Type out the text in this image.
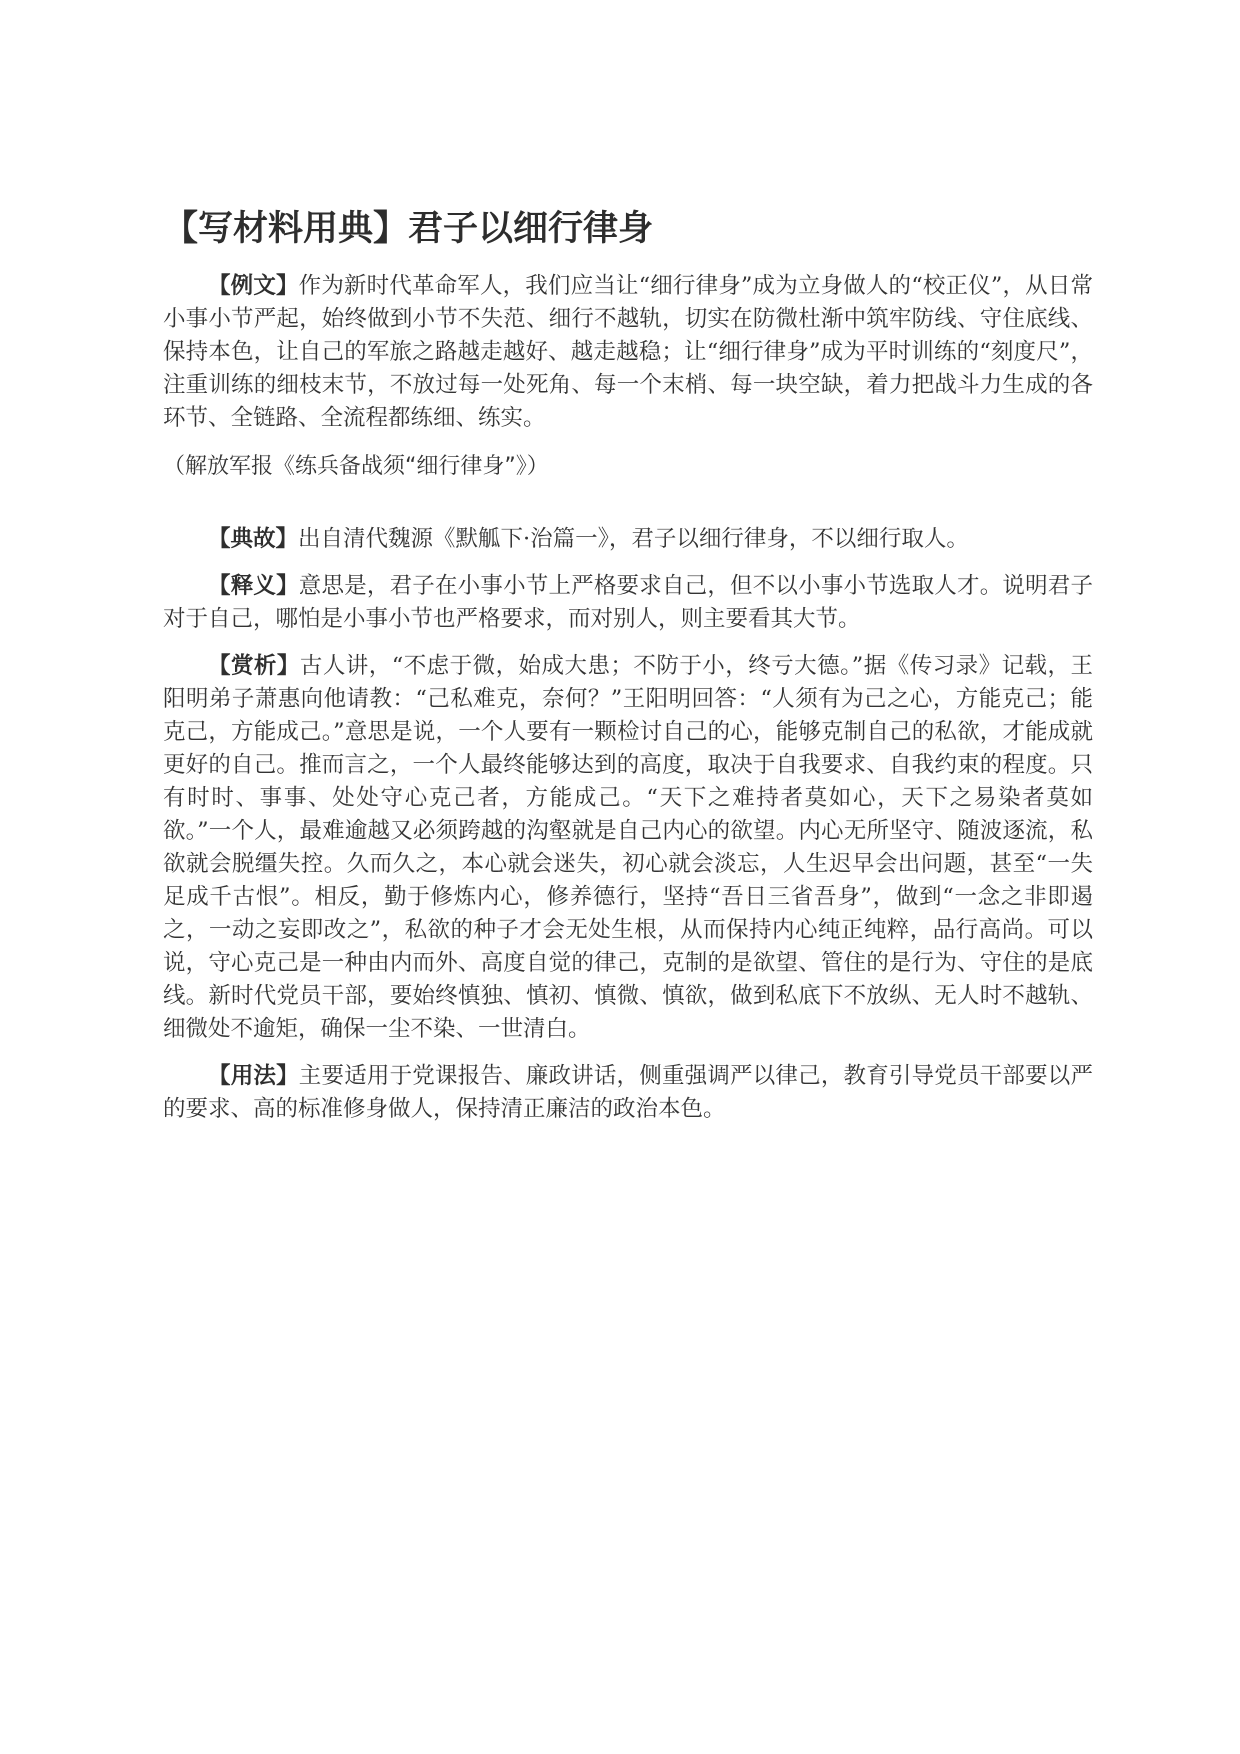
【写材料用典】君子以细行律身

【例文】作为新时代革命军人，我们应当让“细行律身”成为立身做人的“校正仪”，从日常小事小节严起，始终做到小节不失范、细行不越轨，切实在防微杜渐中筑牢防线、守住底线、保持本色，让自己的军旅之路越走越好、越走越稳；让“细行律身”成为平时训练的“刻度尺”，注重训练的细枝末节，不放过每一处死角、每一个末梢、每一块空缺，着力把战斗力生成的各环节、全链路、全流程都练细、练实。

（解放军报《练兵备战须“细行律身”》）

【典故】出自清代魏源《默觚下·治篇一》，君子以细行律身，不以细行取人。

【释义】意思是，君子在小事小节上严格要求自己，但不以小事小节选取人才。说明君子对于自己，哪怕是小事小节也严格要求，而对别人，则主要看其大节。

【赏析】古人讲，“不虑于微，始成大患；不防于小，终亏大德。”据《传习录》记载，王阳明弟子萧惠向他请教：“己私难克，奈何？”王阳明回答：“人须有为己之心，方能克己；能克己，方能成己。”意思是说，一个人要有一颗检讨自己的心，能够克制自己的私欲，才能成就更好的自己。推而言之，一个人最终能够达到的高度，取决于自我要求、自我约束的程度。只有时时、事事、处处守心克己者，方能成己。“天下之难持者莫如心，天下之易染者莫如欲。”一个人，最难逾越又必须跨越的沟壑就是自己内心的欲望。内心无所坚守、随波逐流，私欲就会脱缰失控。久而久之，本心就会迷失，初心就会淡忘，人生迟早会出问题，甚至“一失足成千古恨”。相反，勤于修炼内心，修养德行，坚持“吾日三省吾身”，做到“一念之非即遏之，一动之妄即改之”，私欲的种子才会无处生根，从而保持内心纯正纯粹，品行高尚。可以说，守心克己是一种由内而外、高度自觉的律己，克制的是欲望、管住的是行为、守住的是底线。新时代党员干部，要始终慎独、慎初、慎微、慎欲，做到私底下不放纵、无人时不越轨、细微处不逾矩，确保一尘不染、一世清白。

【用法】主要适用于党课报告、廉政讲话，侧重强调严以律己，教育引导党员干部要以严的要求、高的标准修身做人，保持清正廉洁的政治本色。
